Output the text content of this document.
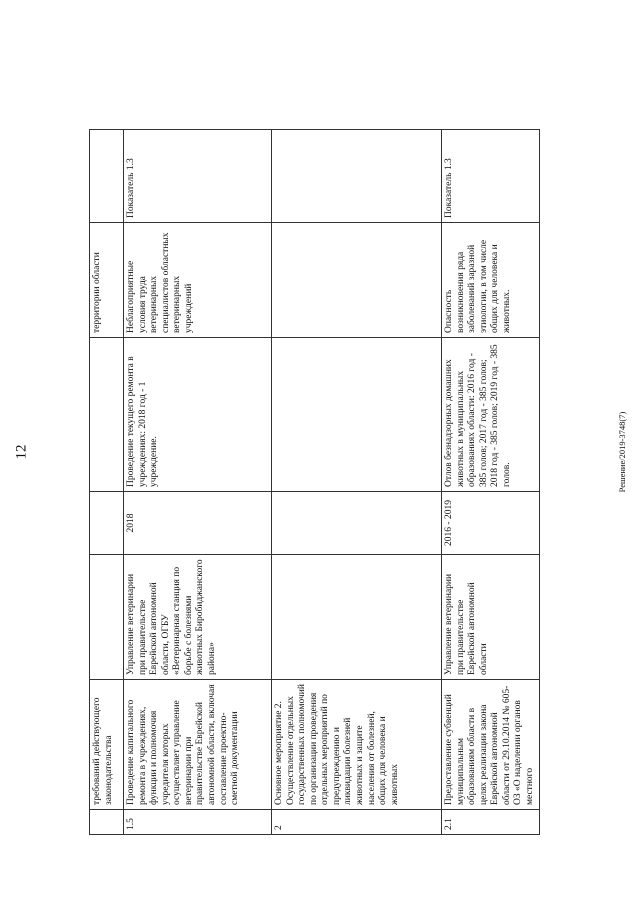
12	Решение/2019-3748(7)
	требований действующего законодательства				территории области	
1.5	Проведение капитального ремонта в учреждениях, функции и полномочия учредителя которых осуществляет управление ветеринарии при правительстве Еврейской автономной области, включая составление проектно-сметной документации	Управление ветеринарии при правительстве Еврейской автономной области, ОГБУ «Ветеринарная станция по борьбе с болезнями животных Биробиджанского района»	2018	Проведение текущего ремонта в учреждениях: 2018 год - 1 учреждение.	Неблагоприятные условия труда ветеринарных специалистов областных ветеринарных учреждений	Показатель 1.3
2	Основное мероприятие 2. Осуществление отдельных государственных полномочий по организации проведения отдельных мероприятий по предупреждению и ликвидации болезней животных и защите населения от болезней, общих для человека и животных					
2.1	Предоставление субвенций муниципальным образованиям области в целях реализации закона Еврейской автономной области от 29.10.2014 № 605-ОЗ «О наделении органов местного	Управление ветеринарии при правительстве Еврейской автономной области	2016 - 2019	Отлов безнадзорных домашних животных в муниципальных образованиях области: 2016 год - 385 голов; 2017 год - 385 голов; 2018 год - 385 голов; 2019 год - 385 голов.	Опасность возникновения ряда заболеваний заразной этиологии, в том числе общих для человека и животных.	Показатель 1.3
